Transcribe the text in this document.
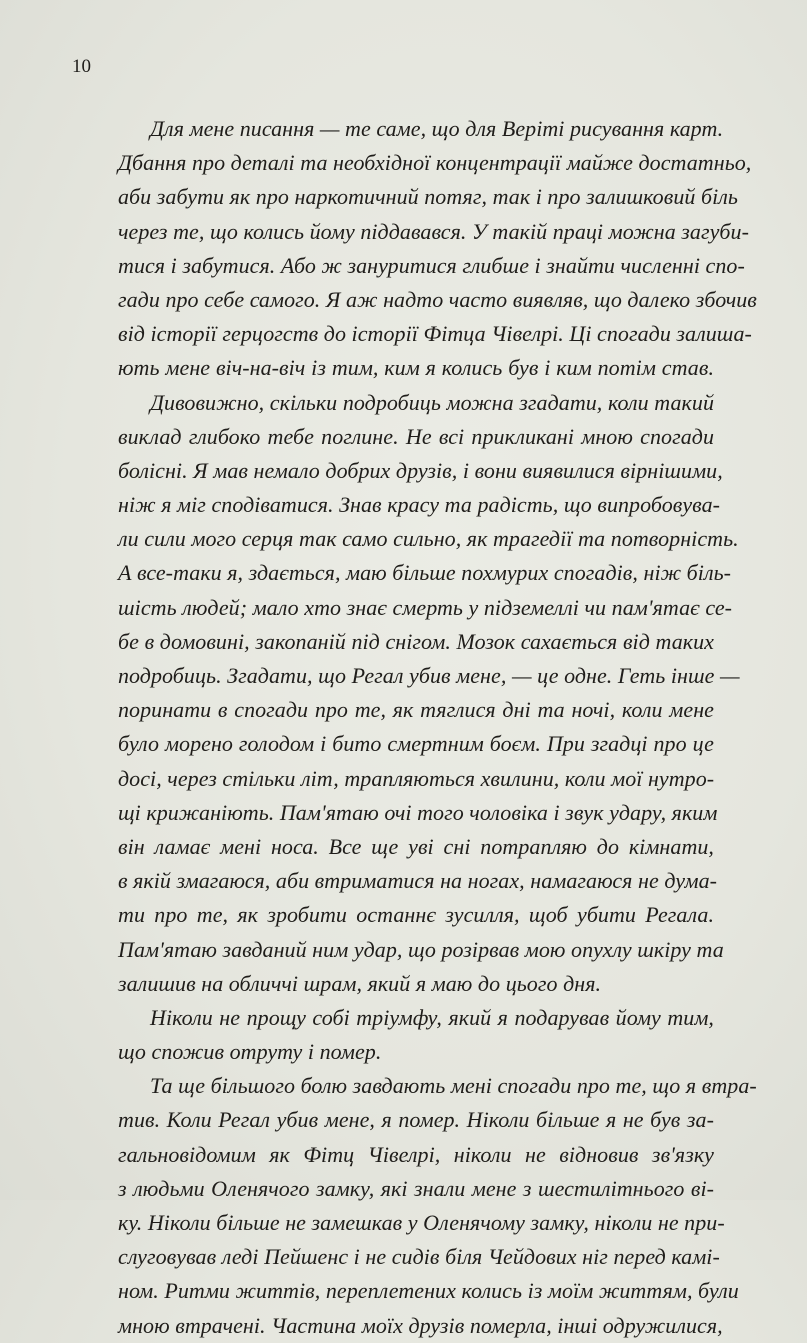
10
Для мене писання — те саме, що для Веріті рисування карт.
Дбання про деталі та необхідної концентрації майже достатньо,
аби забути як про наркотичний потяг, так і про залишковий біль
через те, що колись йому піддавався. У такій праці можна загуби-
тися і забутися. Або ж зануритися глибше і знайти численні спо-
гади про себе самого. Я аж надто часто виявляв, що далеко збочив
від історії герцогств до історії Фітца Чівелрі. Ці спогади залиша-
ють мене віч-на-віч із тим, ким я колись був і ким потім став.
Дивовижно, скільки подробиць можна згадати, коли такий
виклад глибоко тебе поглине. Не всі прикликані мною спогади
болісні. Я мав немало добрих друзів, і вони виявилися вірнішими,
ніж я міг сподіватися. Знав красу та радість, що випробовува-
ли сили мого серця так само сильно, як трагедії та потворність.
А все-таки я, здається, маю більше похмурих спогадів, ніж біль-
шість людей; мало хто знає смерть у підземеллі чи пам'ятає се-
бе в домовині, закопаній під снігом. Мозок сахається від таких
подробиць. Згадати, що Регал убив мене, — це одне. Геть інше —
поринати в спогади про те, як тяглися дні та ночі, коли мене
було морено голодом і бито смертним боєм. При згадці про це
досі, через стільки літ, трапляються хвилини, коли мої нутро-
щі крижаніють. Пам'ятаю очі того чоловіка і звук удару, яким
він ламає мені носа. Все ще уві сні потрапляю до кімнати,
в якій змагаюся, аби втриматися на ногах, намагаюся не дума-
ти про те, як зробити останнє зусилля, щоб убити Регала.
Пам'ятаю завданий ним удар, що розірвав мою опухлу шкіру та
залишив на обличчі шрам, який я маю до цього дня.
Ніколи не прощу собі тріумфу, який я подарував йому тим,
що спожив отруту і помер.
Та ще більшого болю завдають мені спогади про те, що я втра-
тив. Коли Регал убив мене, я помер. Ніколи більше я не був за-
гальновідомим як Фітц Чівелрі, ніколи не відновив зв'язку
з людьми Оленячого замку, які знали мене з шестилітнього ві-
ку. Ніколи більше не замешкав у Оленячому замку, ніколи не при-
слуговував леді Пейшенс і не сидів біля Чейдових ніг перед камі-
ном. Ритми життів, переплетених колись із моїм життям, були
мною втрачені. Частина моїх друзів померла, інші одружилися,
